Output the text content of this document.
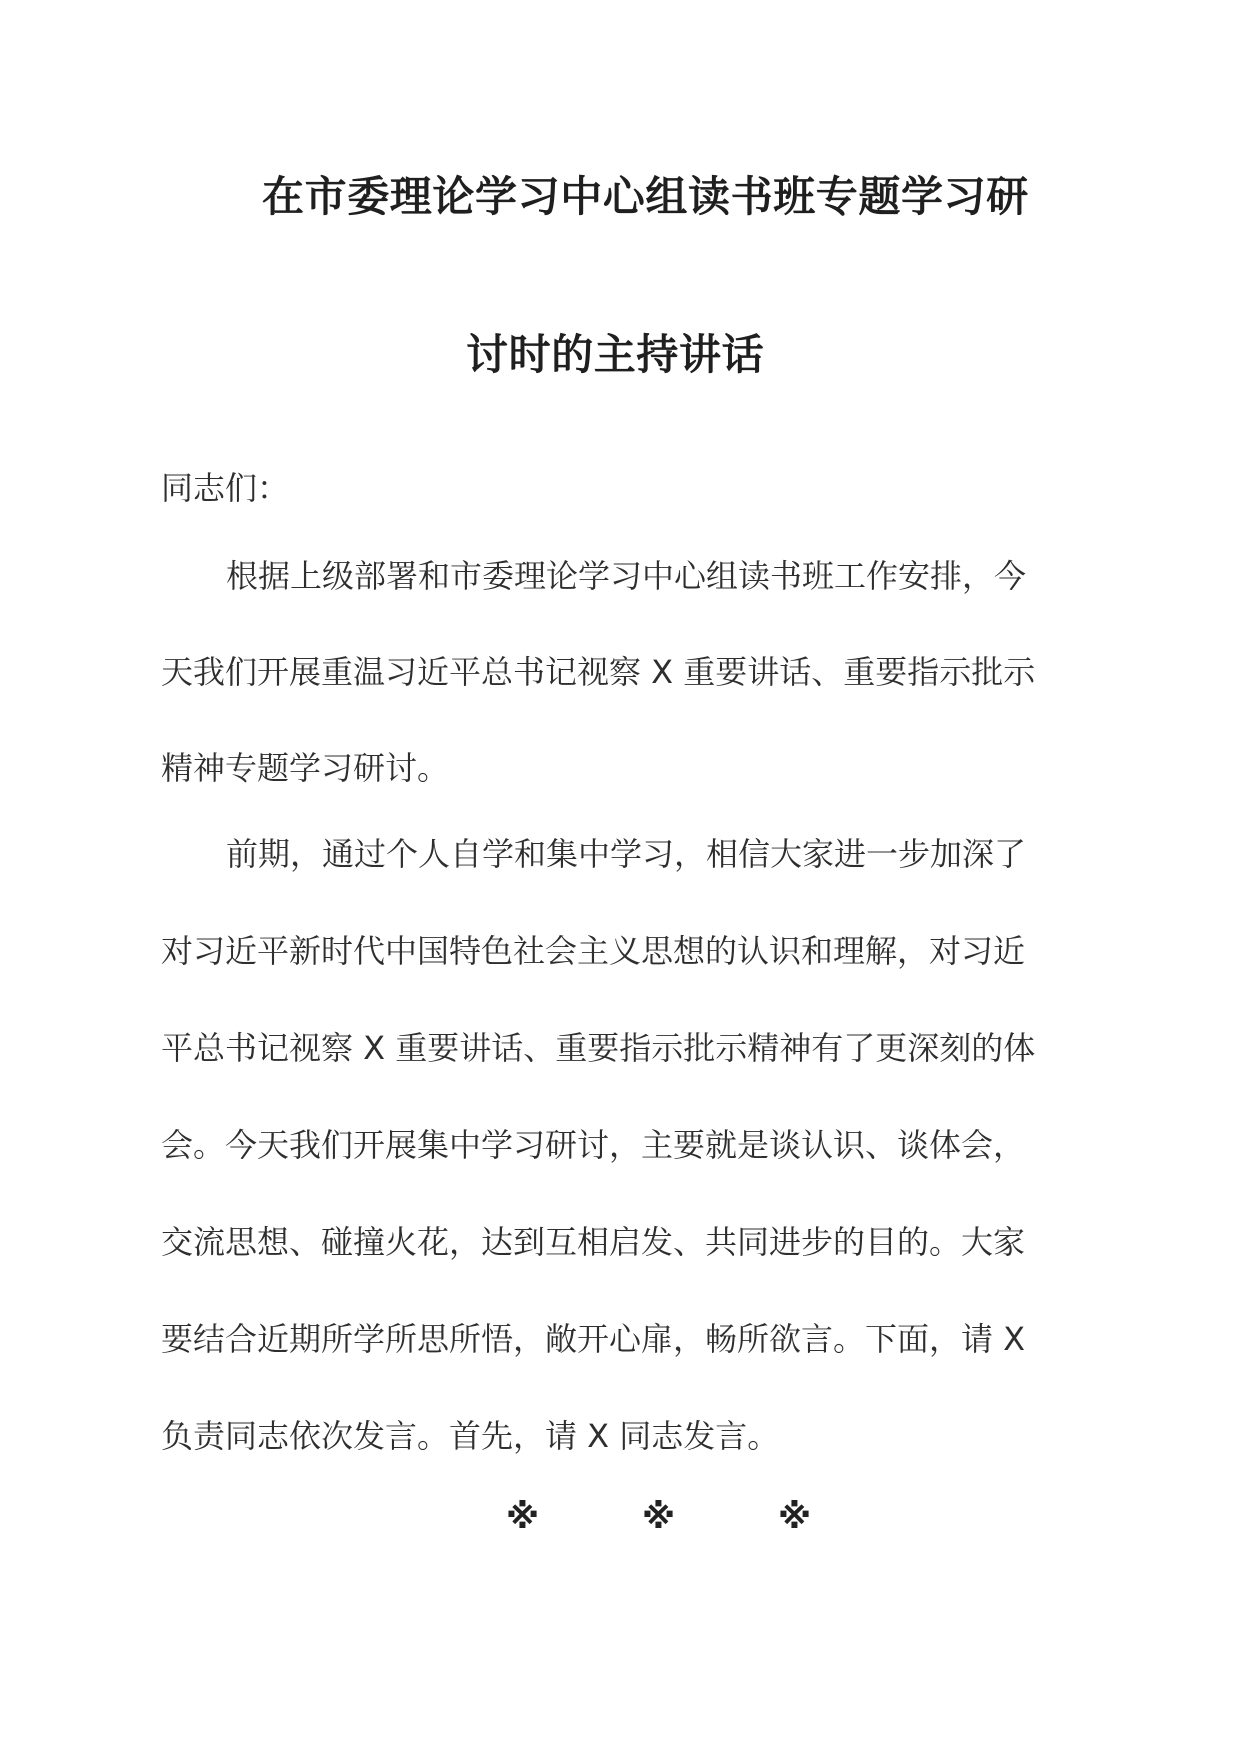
在市委理论学习中心组读书班专题学习研
讨时的主持讲话

同志们：

根据上级部署和市委理论学习中心组读书班工作安排，今

天我们开展重温习近平总书记视察 X 重要讲话、重要指示批示

精神专题学习研讨。

前期，通过个人自学和集中学习，相信大家进一步加深了

对习近平新时代中国特色社会主义思想的认识和理解，对习近

平总书记视察 X 重要讲话、重要指示批示精神有了更深刻的体

会。今天我们开展集中学习研讨，主要就是谈认识、谈体会，

交流思想、碰撞火花，达到互相启发、共同进步的目的。大家

要结合近期所学所思所悟，敞开心扉，畅所欲言。下面，请 X

负责同志依次发言。首先，请 X 同志发言。

※	※	※
